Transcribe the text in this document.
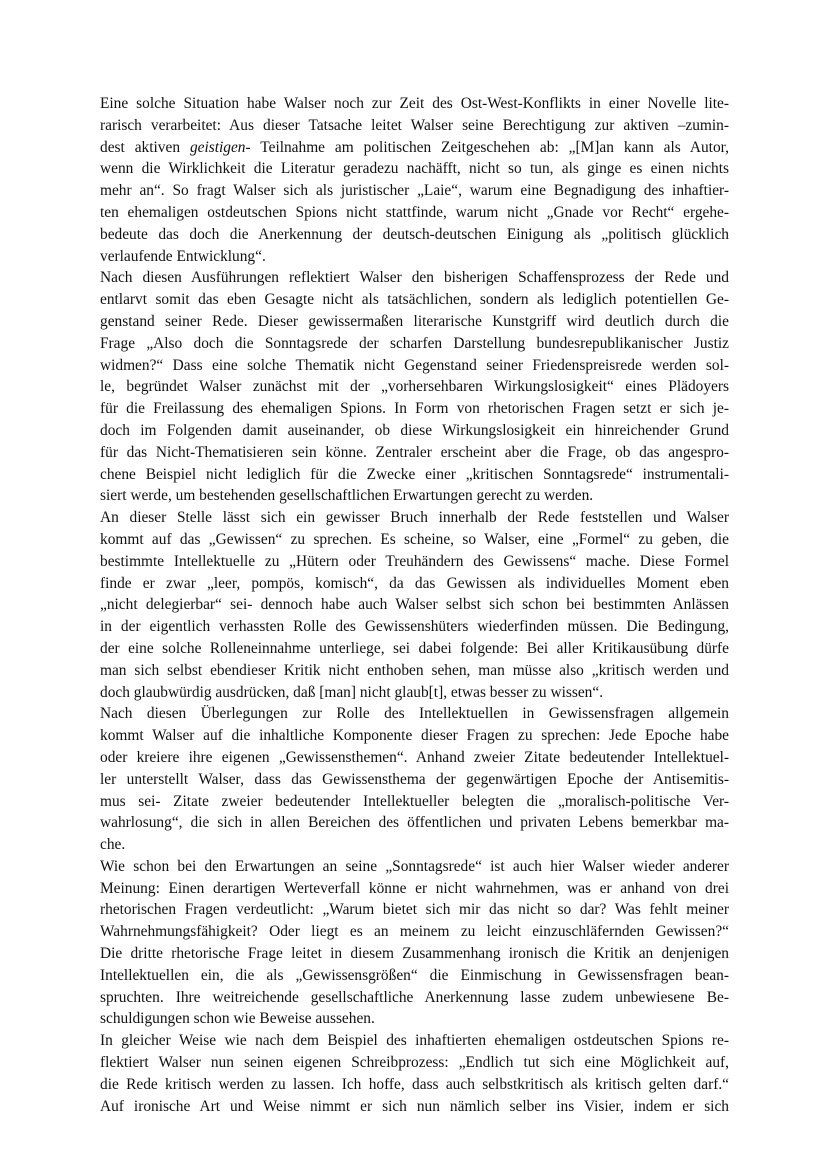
Eine solche Situation habe Walser noch zur Zeit des Ost-West-Konflikts in einer Novelle lite-
rarisch verarbeitet: Aus dieser Tatsache leitet Walser seine Berechtigung zur aktiven –zumin-
dest aktiven geistigen- Teilnahme am politischen Zeitgeschehen ab: „[M]an kann als Autor,
wenn die Wirklichkeit die Literatur geradezu nachäfft, nicht so tun, als ginge es einen nichts
mehr an“. So fragt Walser sich als juristischer „Laie“, warum eine Begnadigung des inhaftier-
ten ehemaligen ostdeutschen Spions nicht stattfinde, warum nicht „Gnade vor Recht“ ergehe-
bedeute das doch die Anerkennung der deutsch-deutschen Einigung als „politisch glücklich
verlaufende Entwicklung“.
Nach diesen Ausführungen reflektiert Walser den bisherigen Schaffensprozess der Rede und
entlarvt somit das eben Gesagte nicht als tatsächlichen, sondern als lediglich potentiellen Ge-
genstand seiner Rede. Dieser gewissermaßen literarische Kunstgriff wird deutlich durch die
Frage „Also doch die Sonntagsrede der scharfen Darstellung bundesrepublikanischer Justiz
widmen?“ Dass eine solche Thematik nicht Gegenstand seiner Friedenspreisrede werden sol-
le, begründet Walser zunächst mit der „vorhersehbaren Wirkungslosigkeit“ eines Plädoyers
für die Freilassung des ehemaligen Spions. In Form von rhetorischen Fragen setzt er sich je-
doch im Folgenden damit auseinander, ob diese Wirkungslosigkeit ein hinreichender Grund
für das Nicht-Thematisieren sein könne. Zentraler erscheint aber die Frage, ob das angespro-
chene Beispiel nicht lediglich für die Zwecke einer „kritischen Sonntagsrede“ instrumentali-
siert werde, um bestehenden gesellschaftlichen Erwartungen gerecht zu werden.
An dieser Stelle lässt sich ein gewisser Bruch innerhalb der Rede feststellen und Walser
kommt auf das „Gewissen“ zu sprechen. Es scheine, so Walser, eine „Formel“ zu geben, die
bestimmte Intellektuelle zu „Hütern oder Treuhändern des Gewissens“ mache. Diese Formel
finde er zwar „leer, pompös, komisch“, da das Gewissen als individuelles Moment eben
„nicht delegierbar“ sei- dennoch habe auch Walser selbst sich schon bei bestimmten Anlässen
in der eigentlich verhassten Rolle des Gewissenshüters wiederfinden müssen. Die Bedingung,
der eine solche Rolleneinnahme unterliege, sei dabei folgende: Bei aller Kritikausübung dürfe
man sich selbst ebendieser Kritik nicht enthoben sehen, man müsse also „kritisch werden und
doch glaubwürdig ausdrücken, daß [man] nicht glaub[t], etwas besser zu wissen“.
Nach diesen Überlegungen zur Rolle des Intellektuellen in Gewissensfragen allgemein
kommt Walser auf die inhaltliche Komponente dieser Fragen zu sprechen: Jede Epoche habe
oder kreiere ihre eigenen „Gewissensthemen“. Anhand zweier Zitate bedeutender Intellektuel-
ler unterstellt Walser, dass das Gewissensthema der gegenwärtigen Epoche der Antisemitis-
mus sei- Zitate zweier bedeutender Intellektueller belegten die „moralisch-politische Ver-
wahrlosung“, die sich in allen Bereichen des öffentlichen und privaten Lebens bemerkbar ma-
che.
Wie schon bei den Erwartungen an seine „Sonntagsrede“ ist auch hier Walser wieder anderer
Meinung: Einen derartigen Werteverfall könne er nicht wahrnehmen, was er anhand von drei
rhetorischen Fragen verdeutlicht: „Warum bietet sich mir das nicht so dar? Was fehlt meiner
Wahrnehmungsfähigkeit? Oder liegt es an meinem zu leicht einzuschläfernden Gewissen?“
Die dritte rhetorische Frage leitet in diesem Zusammenhang ironisch die Kritik an denjenigen
Intellektuellen ein, die als „Gewissensgrößen“ die Einmischung in Gewissensfragen bean-
spruchten. Ihre weitreichende gesellschaftliche Anerkennung lasse zudem unbewiesene Be-
schuldigungen schon wie Beweise aussehen.
In gleicher Weise wie nach dem Beispiel des inhaftierten ehemaligen ostdeutschen Spions re-
flektiert Walser nun seinen eigenen Schreibprozess: „Endlich tut sich eine Möglichkeit auf,
die Rede kritisch werden zu lassen. Ich hoffe, dass auch selbstkritisch als kritisch gelten darf.“
Auf ironische Art und Weise nimmt er sich nun nämlich selber ins Visier, indem er sich
